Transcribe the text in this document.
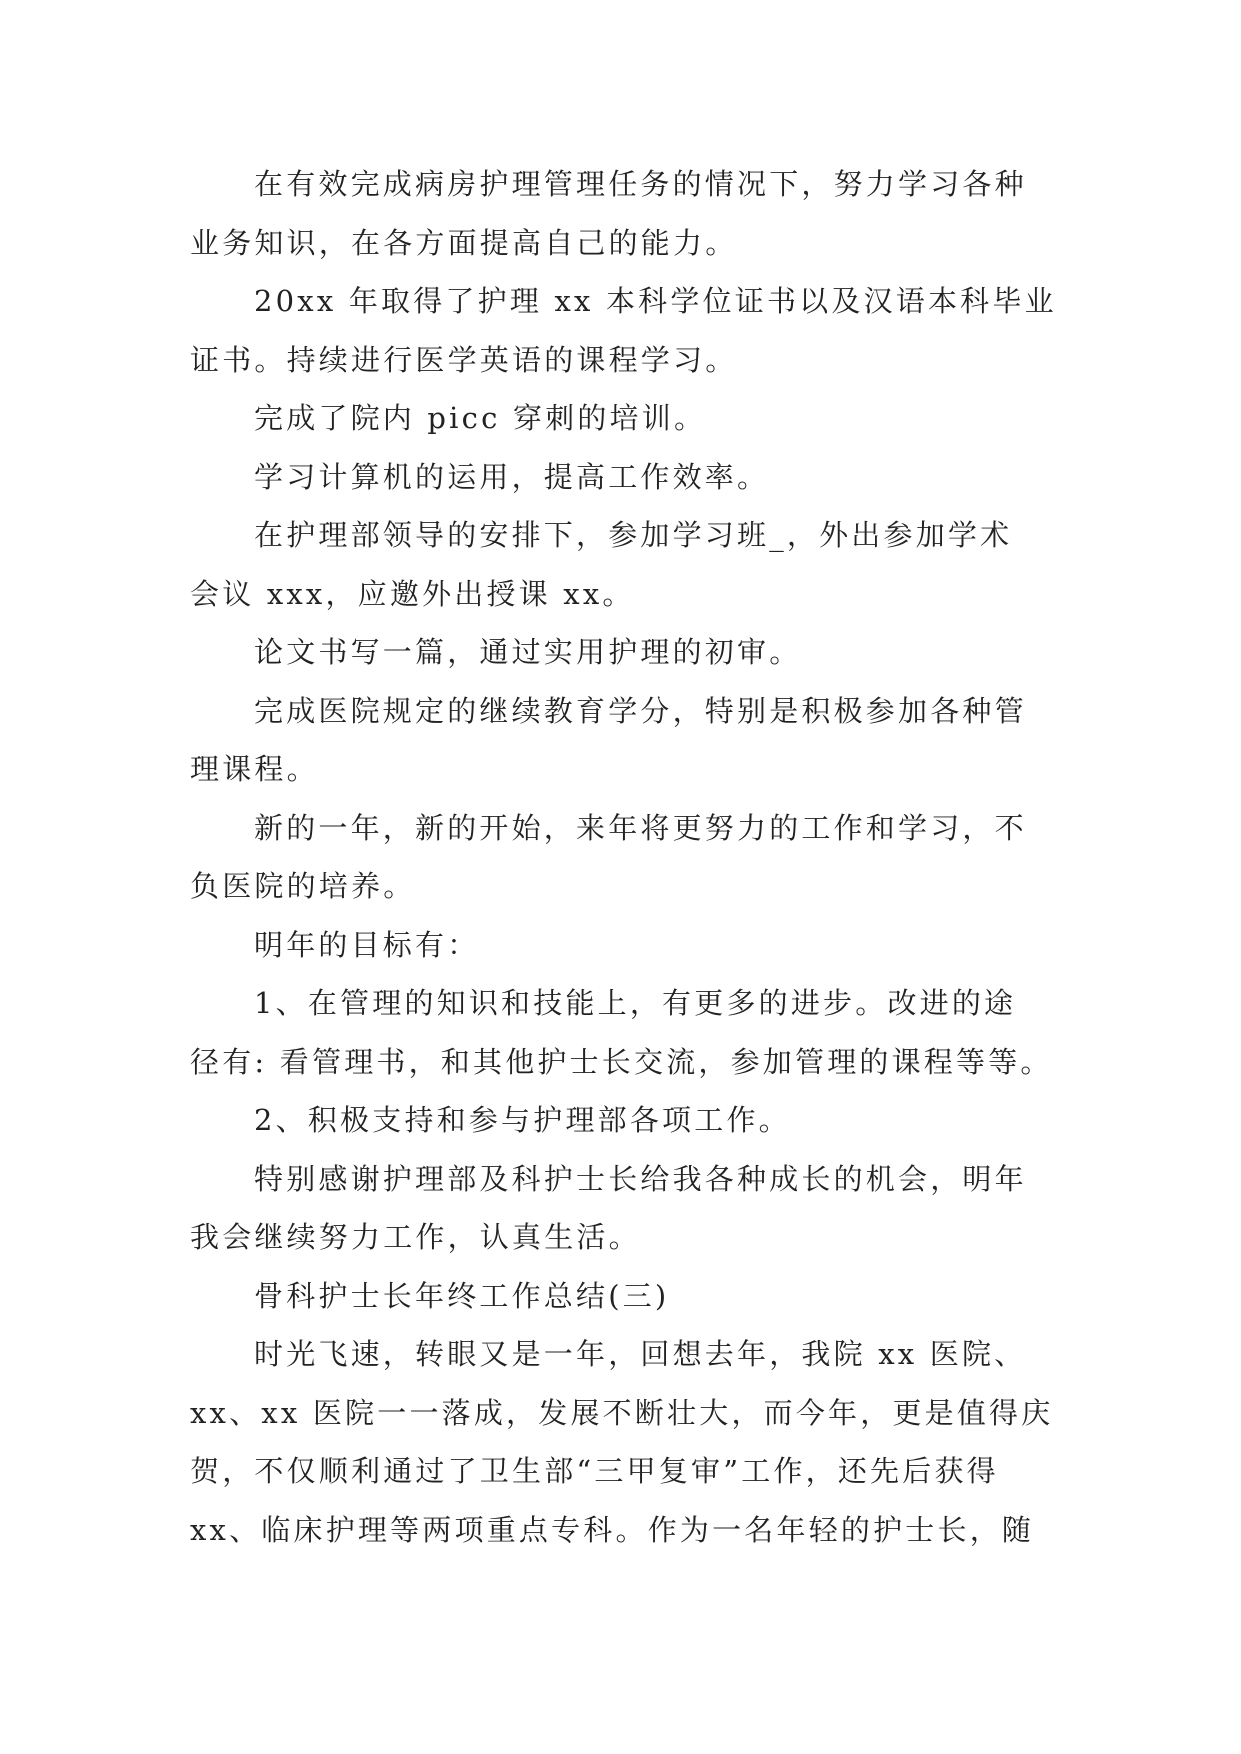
在有效完成病房护理管理任务的情况下，努力学习各种
业务知识，在各方面提高自己的能力。
20xx 年取得了护理 xx 本科学位证书以及汉语本科毕业
证书。持续进行医学英语的课程学习。
完成了院内 picc 穿刺的培训。
学习计算机的运用，提高工作效率。
在护理部领导的安排下，参加学习班_，外出参加学术
会议 xxx，应邀外出授课 xx。
论文书写一篇，通过实用护理的初审。
完成医院规定的继续教育学分，特别是积极参加各种管
理课程。
新的一年，新的开始，来年将更努力的工作和学习，不
负医院的培养。
明年的目标有：
1、在管理的知识和技能上，有更多的进步。改进的途
径有: 看管理书，和其他护士长交流，参加管理的课程等等。
2、积极支持和参与护理部各项工作。
特别感谢护理部及科护士长给我各种成长的机会，明年
我会继续努力工作，认真生活。
骨科护士长年终工作总结(三)
时光飞速，转眼又是一年，回想去年，我院 xx 医院、
xx、xx 医院一一落成，发展不断壮大，而今年，更是值得庆
贺，不仅顺利通过了卫生部“三甲复审”工作，还先后获得
xx、临床护理等两项重点专科。作为一名年轻的护士长，随
